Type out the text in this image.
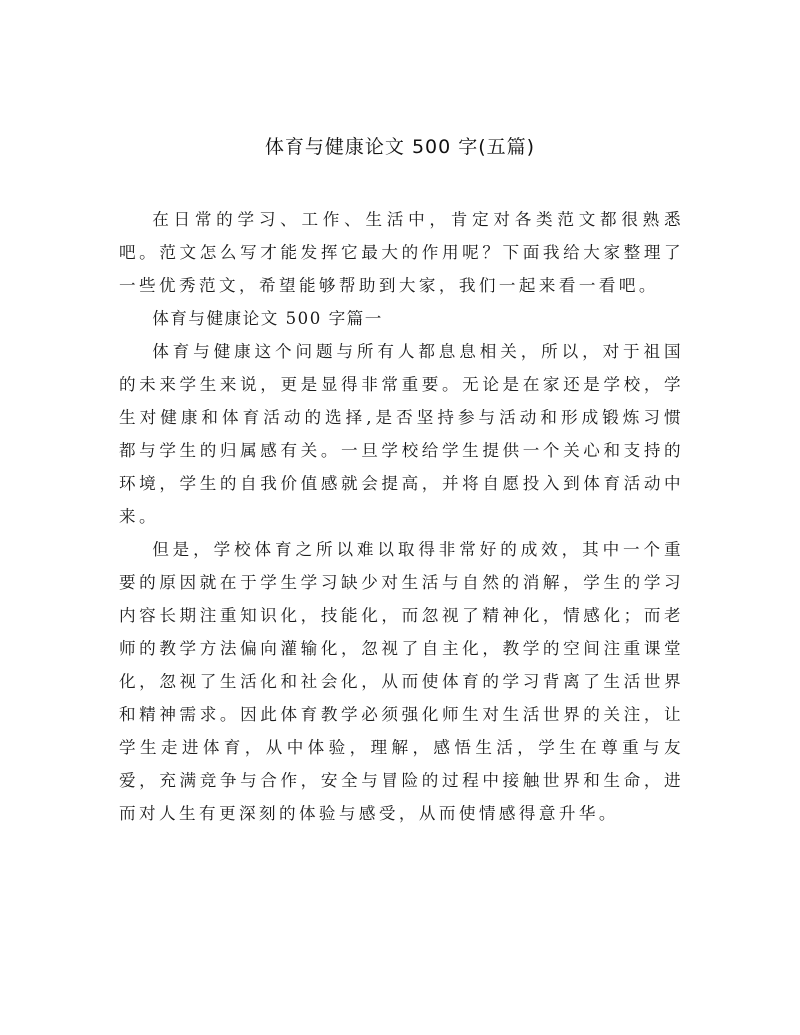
体育与健康论文 500 字(五篇)

在日常的学习、工作、生活中，肯定对各类范文都很熟悉吧。范文怎么写才能发挥它最大的作用呢？下面我给大家整理了一些优秀范文，希望能够帮助到大家，我们一起来看一看吧。

体育与健康论文 500 字篇一

体育与健康这个问题与所有人都息息相关，所以，对于祖国的未来学生来说，更是显得非常重要。无论是在家还是学校，学生对健康和体育活动的选择,是否坚持参与活动和形成锻炼习惯都与学生的归属感有关。一旦学校给学生提供一个关心和支持的环境，学生的自我价值感就会提高，并将自愿投入到体育活动中来。

但是，学校体育之所以难以取得非常好的成效，其中一个重要的原因就在于学生学习缺少对生活与自然的消解，学生的学习内容长期注重知识化，技能化，而忽视了精神化，情感化；而老师的教学方法偏向灌输化，忽视了自主化，教学的空间注重课堂化，忽视了生活化和社会化，从而使体育的学习背离了生活世界和精神需求。因此体育教学必须强化师生对生活世界的关注，让学生走进体育，从中体验，理解，感悟生活，学生在尊重与友爱，充满竞争与合作，安全与冒险的过程中接触世界和生命，进而对人生有更深刻的体验与感受，从而使情感得意升华。
